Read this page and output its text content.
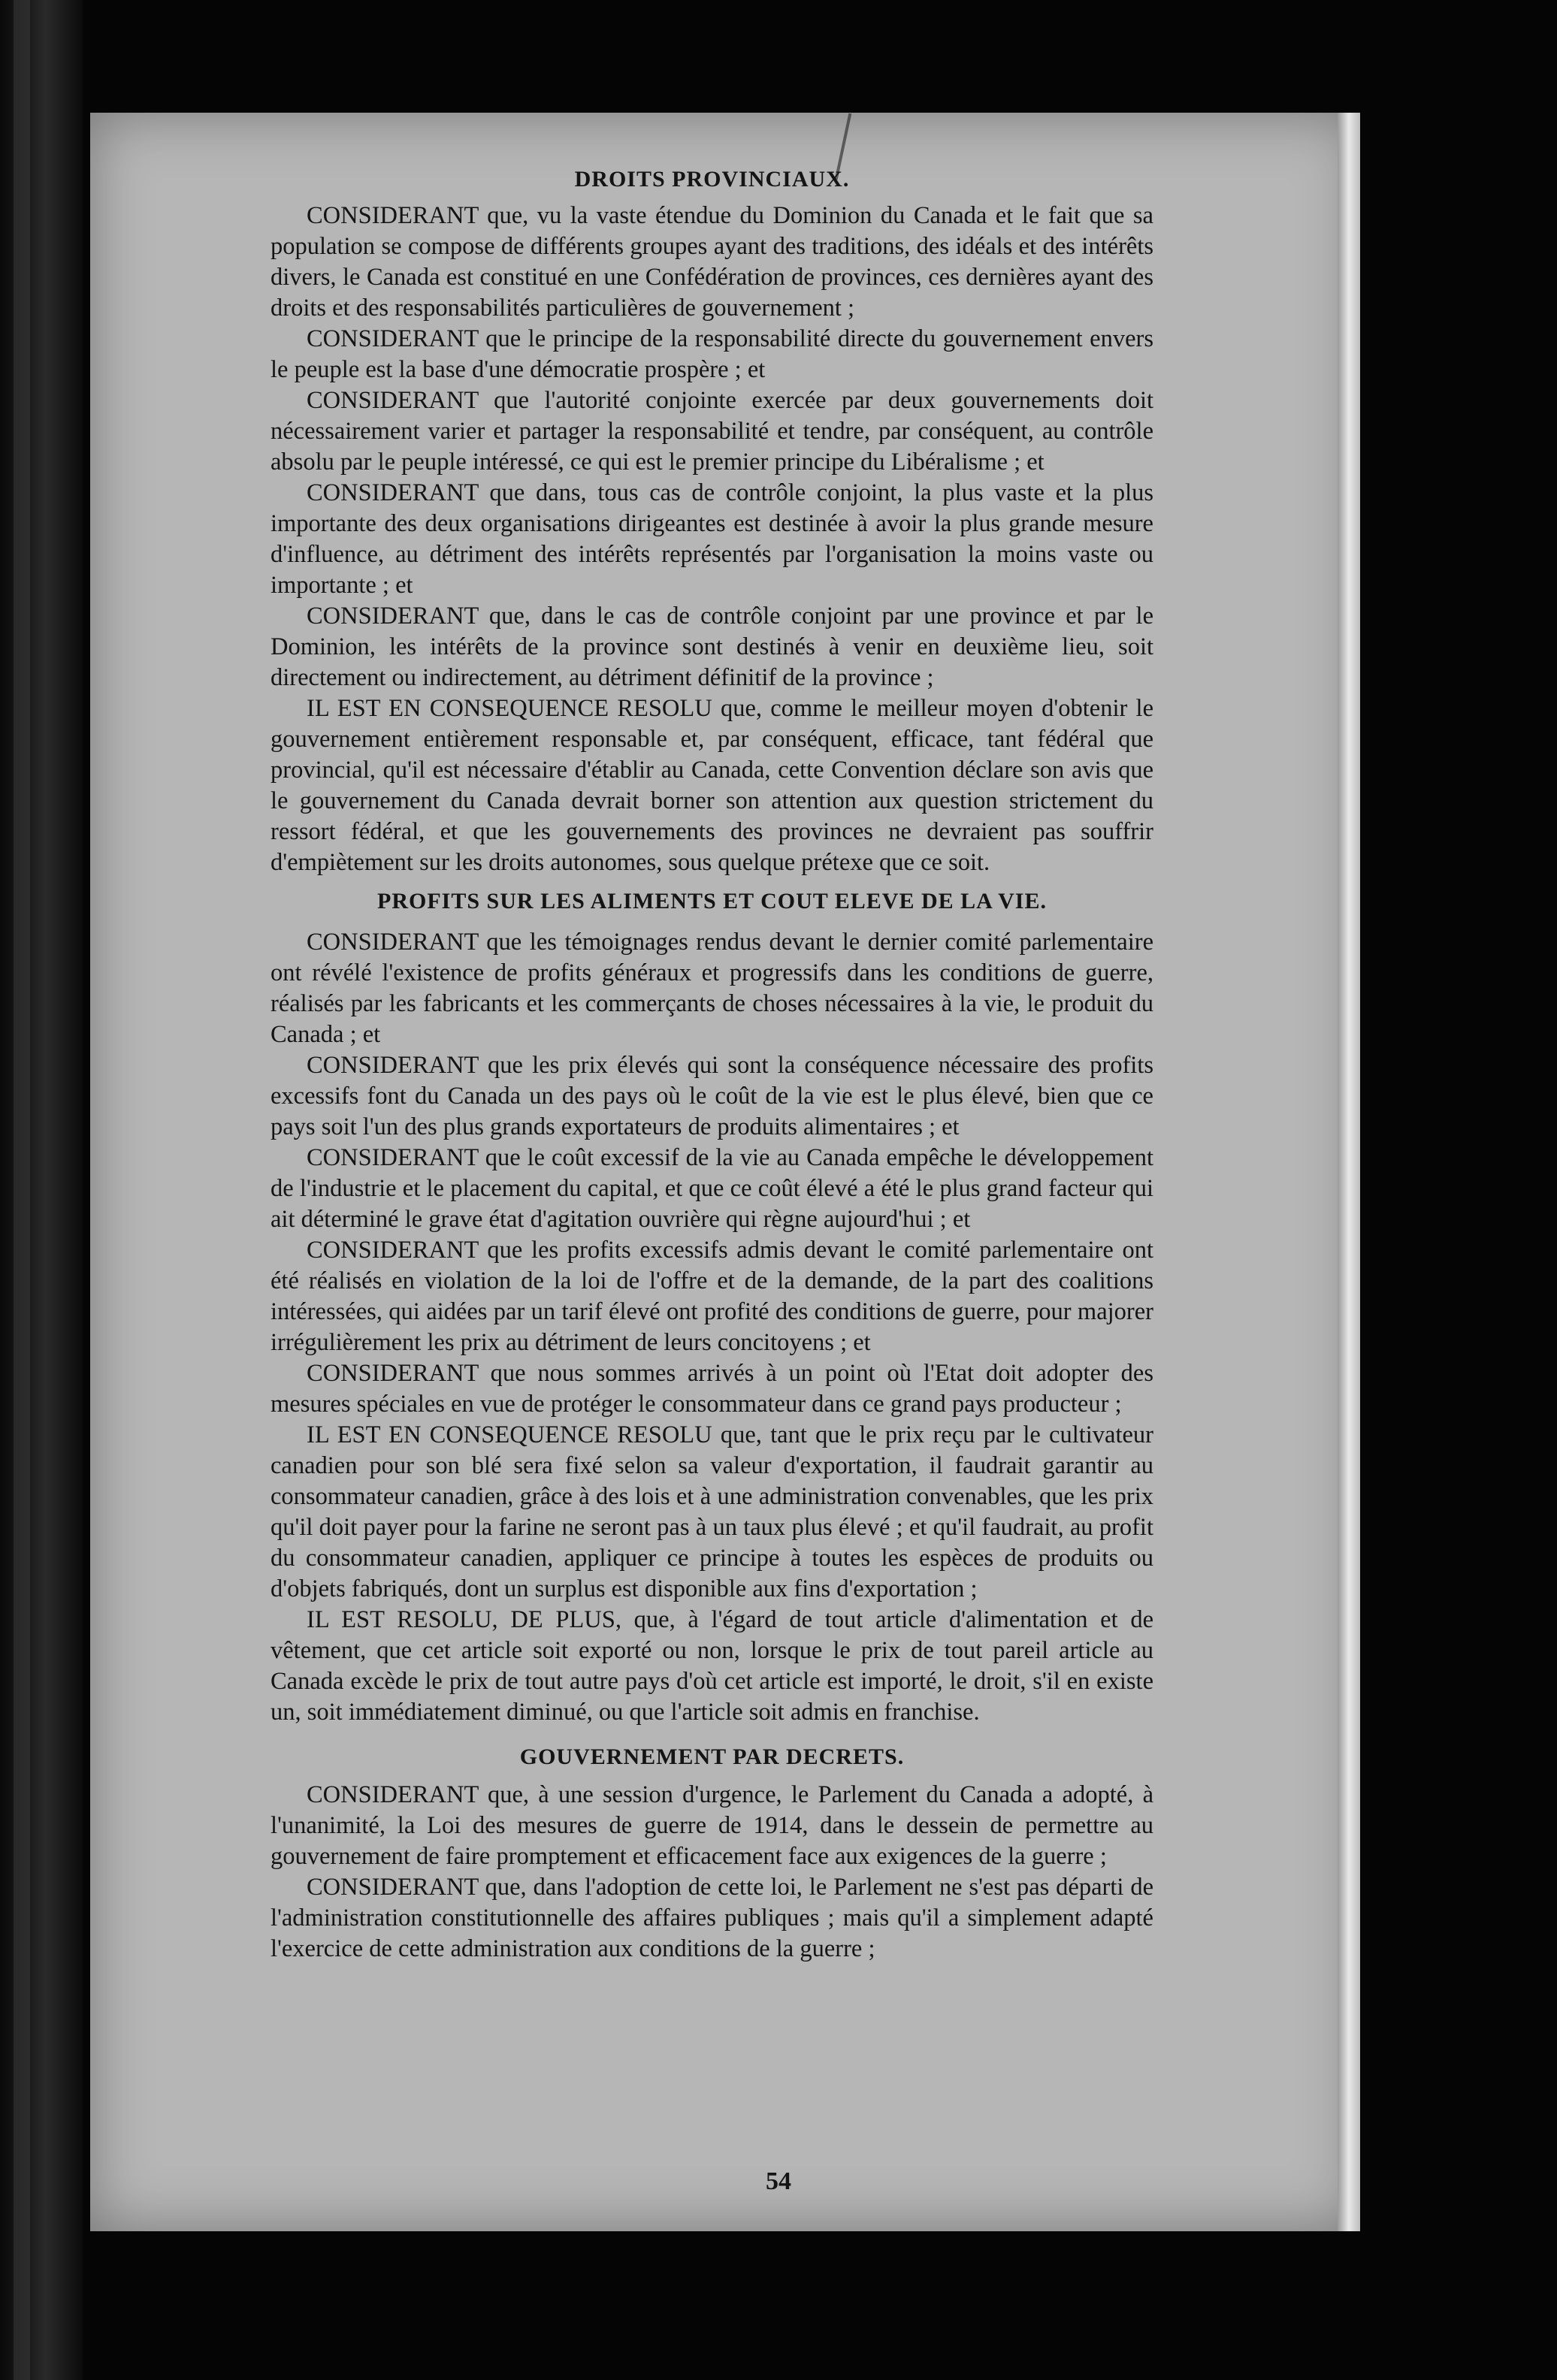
DROITS PROVINCIAUX.

CONSIDERANT que, vu la vaste étendue du Dominion du Canada et le fait que sa population se compose de différents groupes ayant des traditions, des idéals et des intérêts divers, le Canada est constitué en une Confédération de provinces, ces dernières ayant des droits et des responsabilités particulières de gouvernement ;

CONSIDERANT que le principe de la responsabilité directe du gouvernement envers le peuple est la base d'une démocratie prospère ; et

CONSIDERANT que l'autorité conjointe exercée par deux gouvernements doit nécessairement varier et partager la responsabilité et tendre, par conséquent, au contrôle absolu par le peuple intéressé, ce qui est le premier principe du Libéralisme ; et

CONSIDERANT que dans, tous cas de contrôle conjoint, la plus vaste et la plus importante des deux organisations dirigeantes est destinée à avoir la plus grande mesure d'influence, au détriment des intérêts représentés par l'organisation la moins vaste ou importante ; et

CONSIDERANT que, dans le cas de contrôle conjoint par une province et par le Dominion, les intérêts de la province sont destinés à venir en deuxième lieu, soit directement ou indirectement, au détriment définitif de la province ;

IL EST EN CONSEQUENCE RESOLU que, comme le meilleur moyen d'obtenir le gouvernement entièrement responsable et, par conséquent, efficace, tant fédéral que provincial, qu'il est nécessaire d'établir au Canada, cette Convention déclare son avis que le gouvernement du Canada devrait borner son attention aux question strictement du ressort fédéral, et que les gouvernements des provinces ne devraient pas souffrir d'empiètement sur les droits autonomes, sous quelque prétexe que ce soit.

PROFITS SUR LES ALIMENTS ET COUT ELEVE DE LA VIE.

CONSIDERANT que les témoignages rendus devant le dernier comité parlementaire ont révélé l'existence de profits généraux et progressifs dans les conditions de guerre, réalisés par les fabricants et les commerçants de choses nécessaires à la vie, le produit du Canada ; et

CONSIDERANT que les prix élevés qui sont la conséquence nécessaire des profits excessifs font du Canada un des pays où le coût de la vie est le plus élevé, bien que ce pays soit l'un des plus grands exportateurs de produits alimentaires ; et

CONSIDERANT que le coût excessif de la vie au Canada empêche le développement de l'industrie et le placement du capital, et que ce coût élevé a été le plus grand facteur qui ait déterminé le grave état d'agitation ouvrière qui règne aujourd'hui ; et

CONSIDERANT que les profits excessifs admis devant le comité parlementaire ont été réalisés en violation de la loi de l'offre et de la demande, de la part des coalitions intéressées, qui aidées par un tarif élevé ont profité des conditions de guerre, pour majorer irrégulièrement les prix au détriment de leurs concitoyens ; et

CONSIDERANT que nous sommes arrivés à un point où l'Etat doit adopter des mesures spéciales en vue de protéger le consommateur dans ce grand pays producteur ;

IL EST EN CONSEQUENCE RESOLU que, tant que le prix reçu par le cultivateur canadien pour son blé sera fixé selon sa valeur d'exportation, il faudrait garantir au consommateur canadien, grâce à des lois et à une administration convenables, que les prix qu'il doit payer pour la farine ne seront pas à un taux plus élevé ; et qu'il faudrait, au profit du consommateur canadien, appliquer ce principe à toutes les espèces de produits ou d'objets fabriqués, dont un surplus est disponible aux fins d'exportation ;

IL EST RESOLU, DE PLUS, que, à l'égard de tout article d'alimentation et de vêtement, que cet article soit exporté ou non, lorsque le prix de tout pareil article au Canada excède le prix de tout autre pays d'où cet article est importé, le droit, s'il en existe un, soit immédiatement diminué, ou que l'article soit admis en franchise.

GOUVERNEMENT PAR DECRETS.

CONSIDERANT que, à une session d'urgence, le Parlement du Canada a adopté, à l'unanimité, la Loi des mesures de guerre de 1914, dans le dessein de permettre au gouvernement de faire promptement et efficacement face aux exigences de la guerre ;

CONSIDERANT que, dans l'adoption de cette loi, le Parlement ne s'est pas départi de l'administration constitutionnelle des affaires publiques ; mais qu'il a simplement adapté l'exercice de cette administration aux conditions de la guerre ;

54
